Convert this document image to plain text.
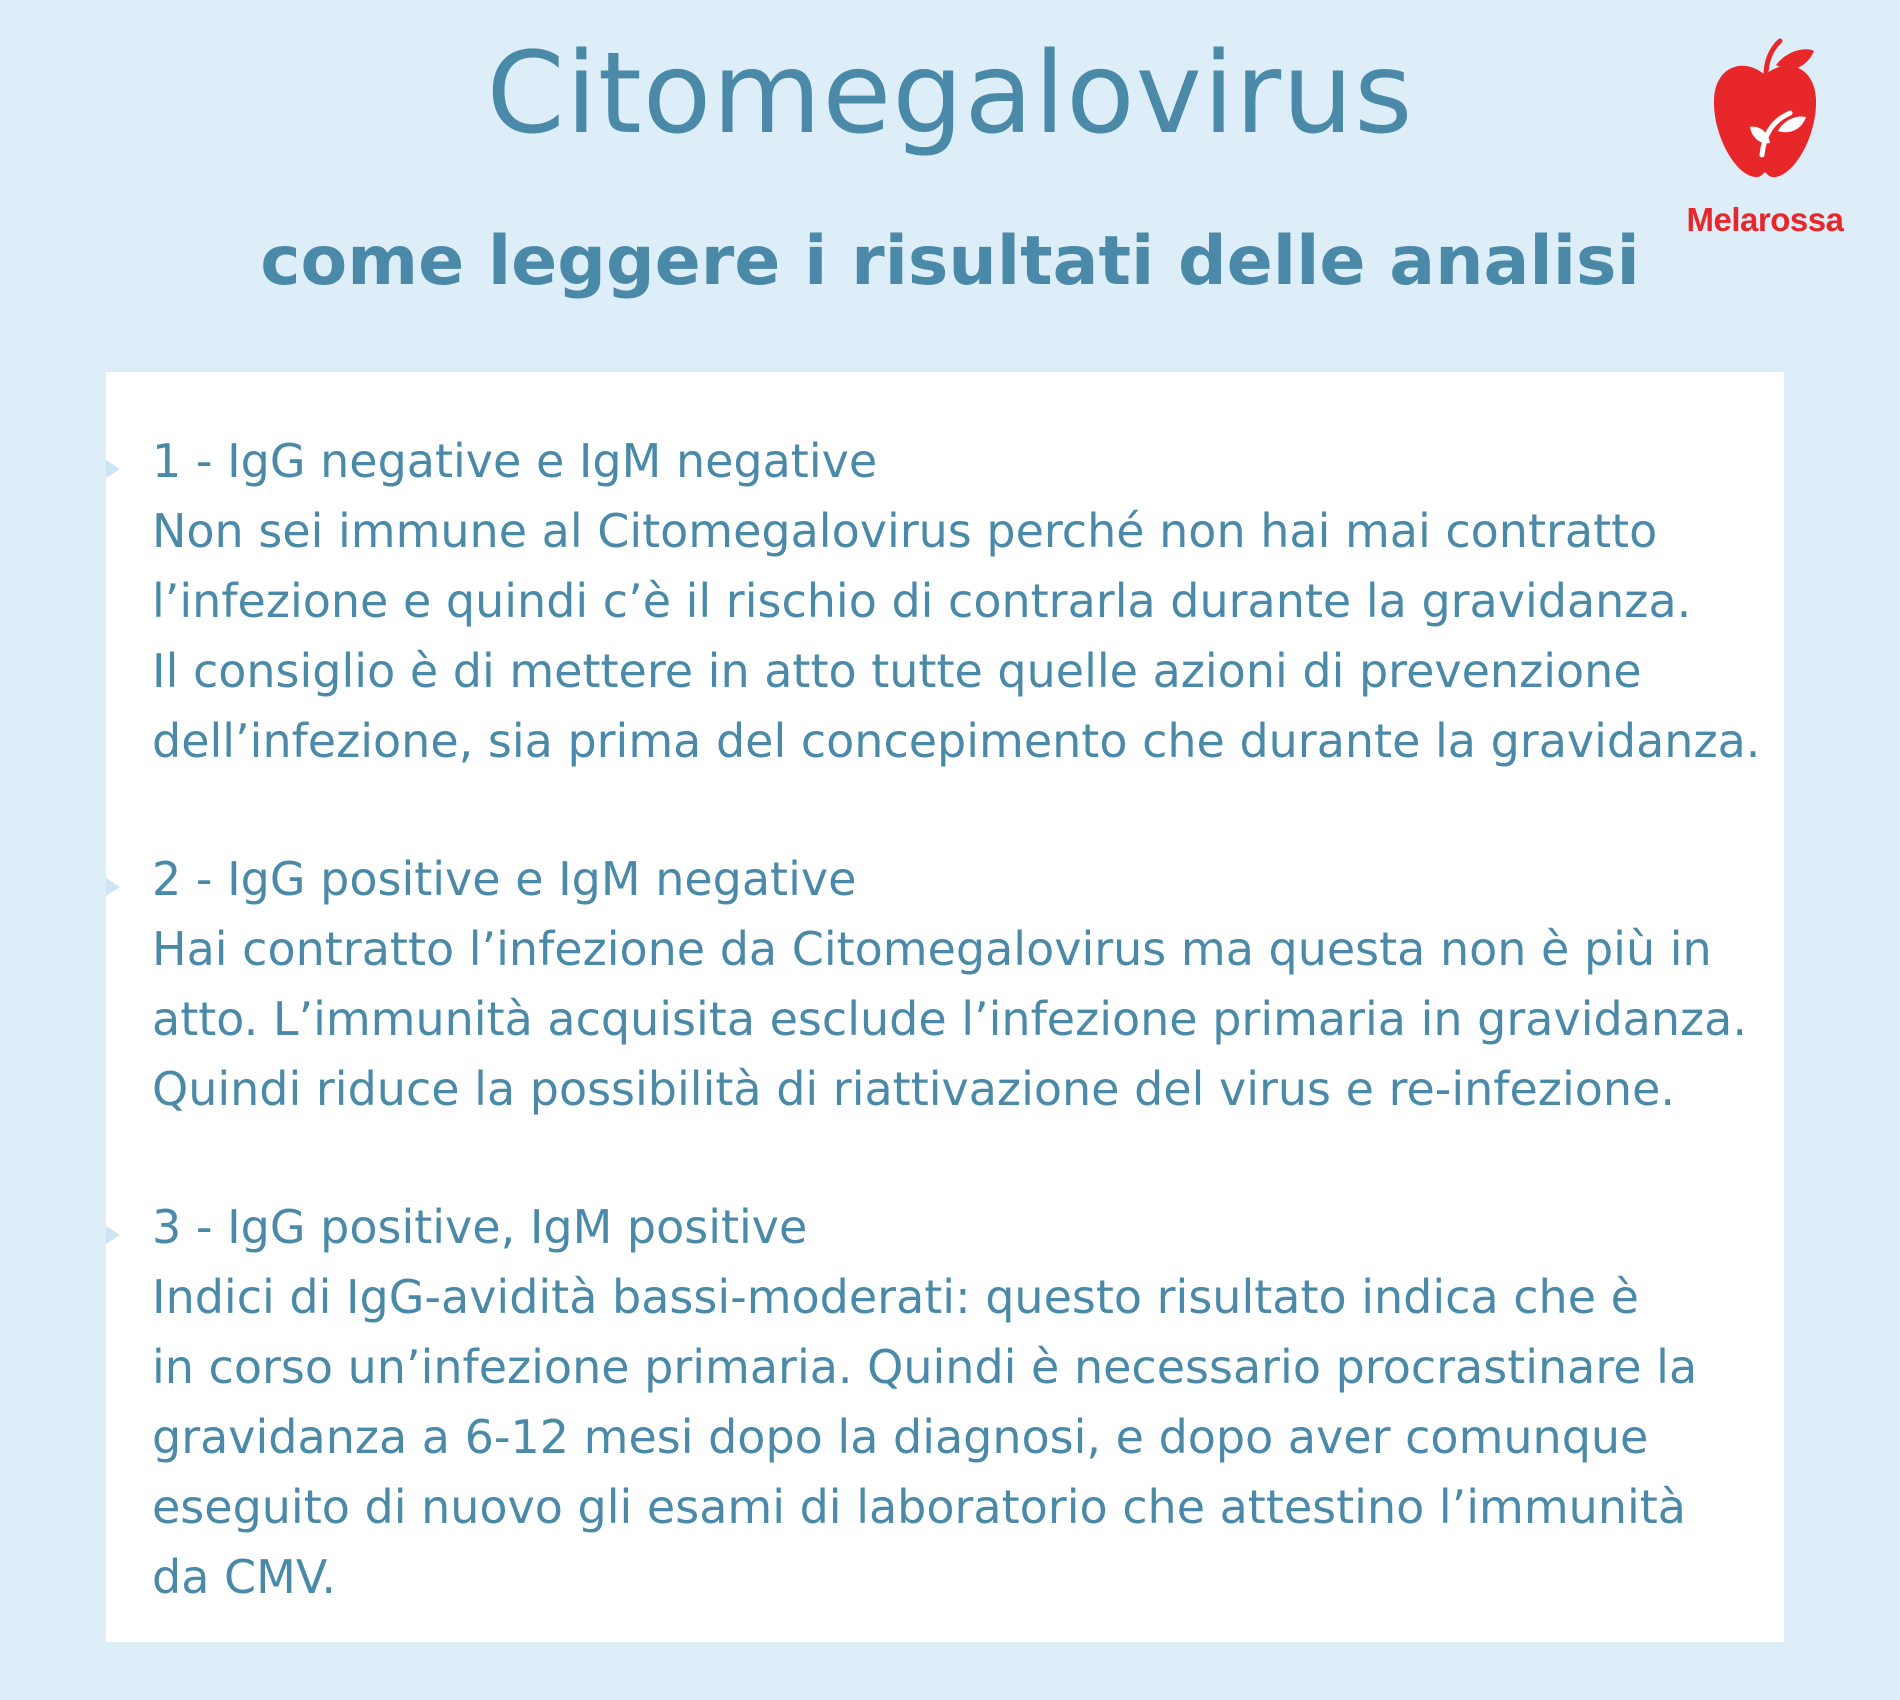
Citomegalovirus
come leggere i risultati delle analisi
Melarossa

1 - IgG negative e IgM negative

Non sei immune al Citomegalovirus perché non hai mai contratto
l’infezione e quindi c’è il rischio di contrarla durante la gravidanza.
Il consiglio è di mettere in atto tutte quelle azioni di prevenzione
dell’infezione, sia prima del concepimento che durante la gravidanza.

2 - IgG positive e IgM negative

Hai contratto l’infezione da Citomegalovirus ma questa non è più in
atto. L’immunità acquisita esclude l’infezione primaria in gravidanza.
Quindi riduce la possibilità di riattivazione del virus e re-infezione.

3 - IgG positive, IgM positive

Indici di IgG-avidità bassi-moderati: questo risultato indica che è
in corso un’infezione primaria. Quindi è necessario procrastinare la
gravidanza a 6-12 mesi dopo la diagnosi, e dopo aver comunque
eseguito di nuovo gli esami di laboratorio che attestino l’immunità
da CMV.
